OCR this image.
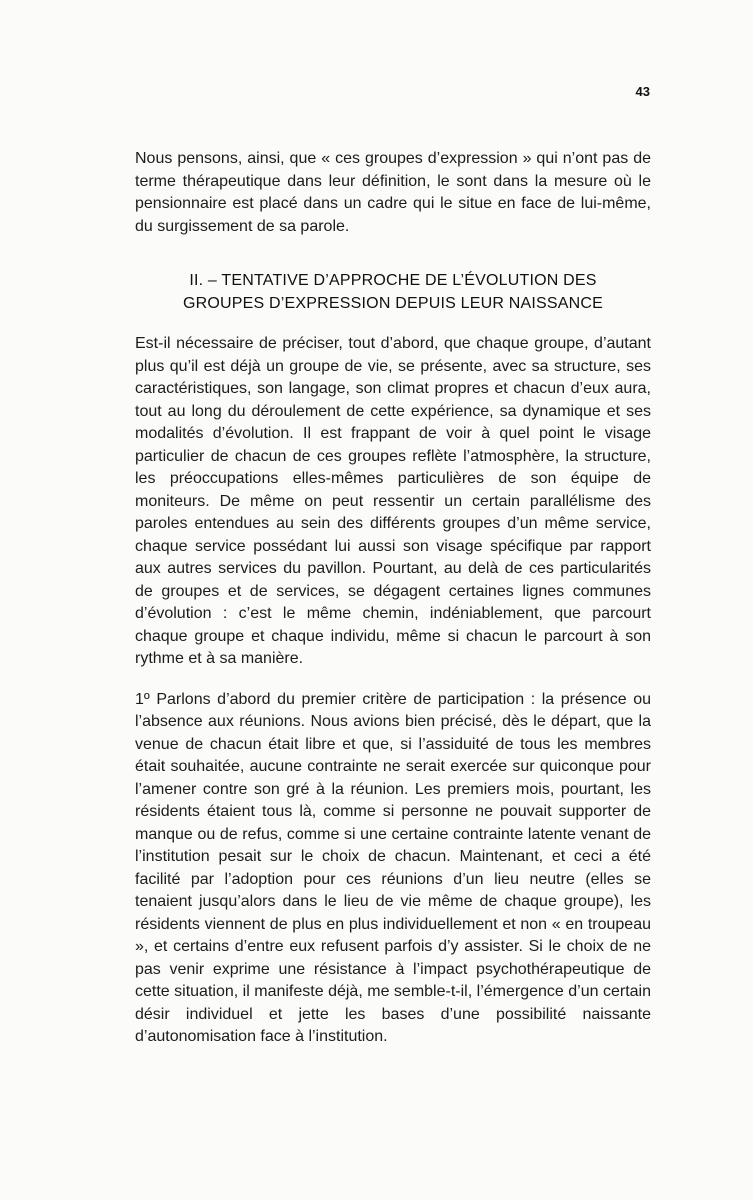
43

Nous pensons, ainsi, que « ces groupes d’expression » qui n’ont pas de terme thérapeutique dans leur définition, le sont dans la mesure où le pensionnaire est placé dans un cadre qui le situe en face de lui-même, du surgissement de sa parole.

II. – TENTATIVE D’APPROCHE DE L’ÉVOLUTION DES
GROUPES D’EXPRESSION DEPUIS LEUR NAISSANCE

Est-il nécessaire de préciser, tout d’abord, que chaque groupe, d’autant plus qu’il est déjà un groupe de vie, se présente, avec sa structure, ses caractéristiques, son langage, son climat propres et chacun d’eux aura, tout au long du déroulement de cette expérience, sa dynamique et ses modalités d’évolution. Il est frappant de voir à quel point le visage particulier de chacun de ces groupes reflète l’atmosphère, la structure, les préoccupations elles-mêmes particulières de son équipe de moniteurs. De même on peut ressentir un certain parallélisme des paroles entendues au sein des différents groupes d’un même service, chaque service possédant lui aussi son visage spécifique par rapport aux autres services du pavillon. Pourtant, au delà de ces particularités de groupes et de services, se dégagent certaines lignes communes d’évolution : c’est le même chemin, indéniablement, que parcourt chaque groupe et chaque individu, même si chacun le parcourt à son rythme et à sa manière.

1º Parlons d’abord du premier critère de participation : la présence ou l’absence aux réunions. Nous avions bien précisé, dès le départ, que la venue de chacun était libre et que, si l’assiduité de tous les membres était souhaitée, aucune contrainte ne serait exercée sur quiconque pour l’amener contre son gré à la réunion. Les premiers mois, pourtant, les résidents étaient tous là, comme si personne ne pouvait supporter de manque ou de refus, comme si une certaine contrainte latente venant de l’institution pesait sur le choix de chacun. Maintenant, et ceci a été facilité par l’adoption pour ces réunions d’un lieu neutre (elles se tenaient jusqu’alors dans le lieu de vie même de chaque groupe), les résidents viennent de plus en plus individuellement et non « en troupeau », et certains d’entre eux refusent parfois d’y assister. Si le choix de ne pas venir exprime une résistance à l’impact psychothérapeutique de cette situation, il manifeste déjà, me semble-t-il, l’émergence d’un certain désir individuel et jette les bases d’une possibilité naissante d’autonomisation face à l’institution.
